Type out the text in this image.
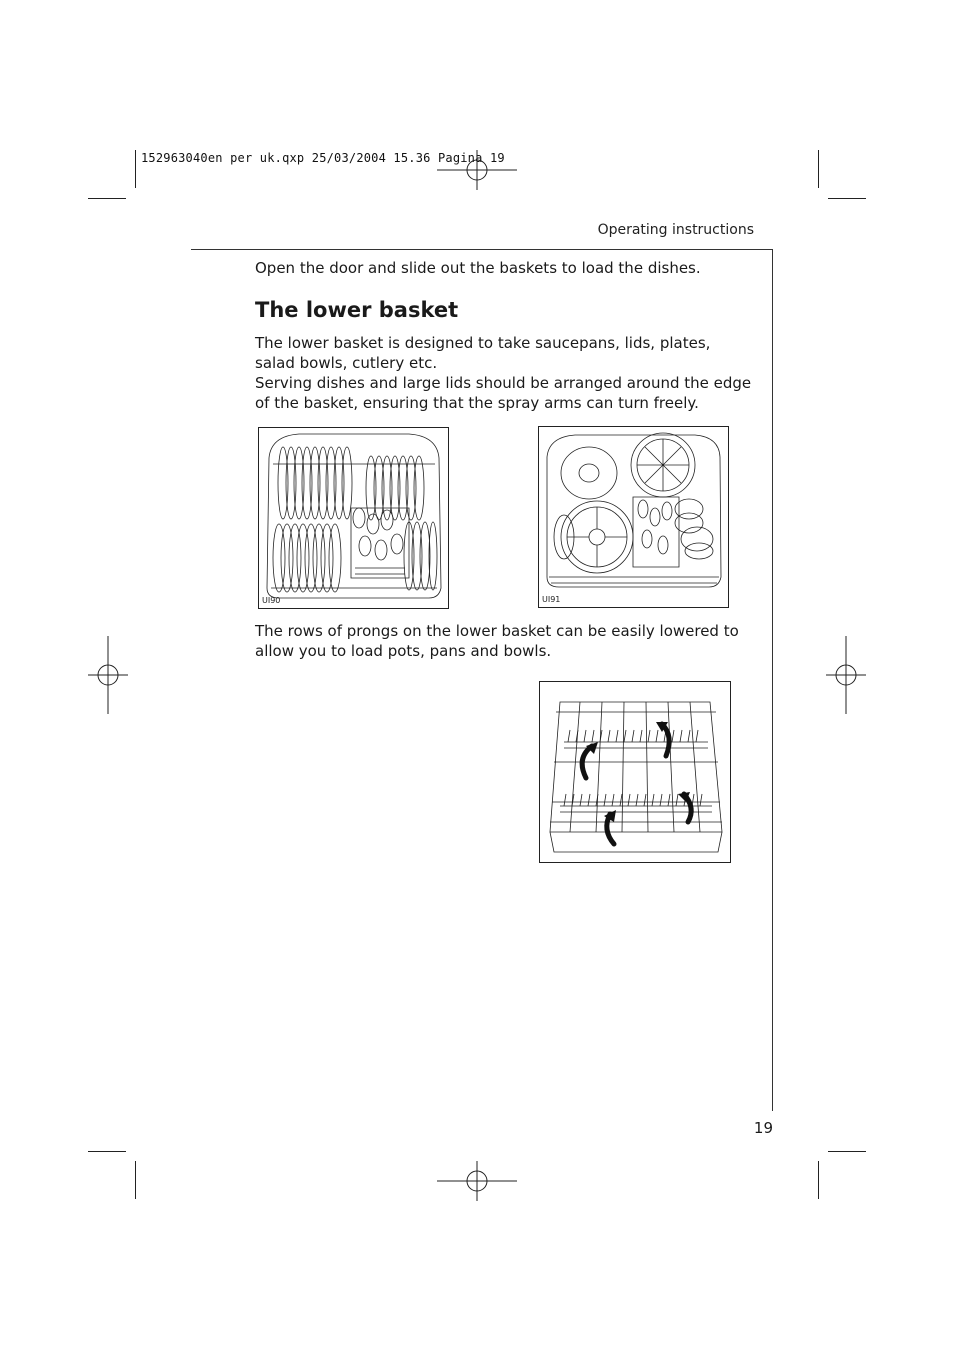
152963040en per uk.qxp 25/03/2004 15.36 Pagina 19
Operating instructions
Open the door and slide out the baskets to load the dishes.
The lower basket

The lower basket is designed to take saucepans, lids, plates, salad bowls, cutlery etc.

Serving dishes and large lids should be arranged around the edge of the basket, ensuring that the spray arms can turn freely.

UI90	UI91

The rows of prongs on the lower basket can be easily lowered to allow you to load pots, pans and bowls.

19
